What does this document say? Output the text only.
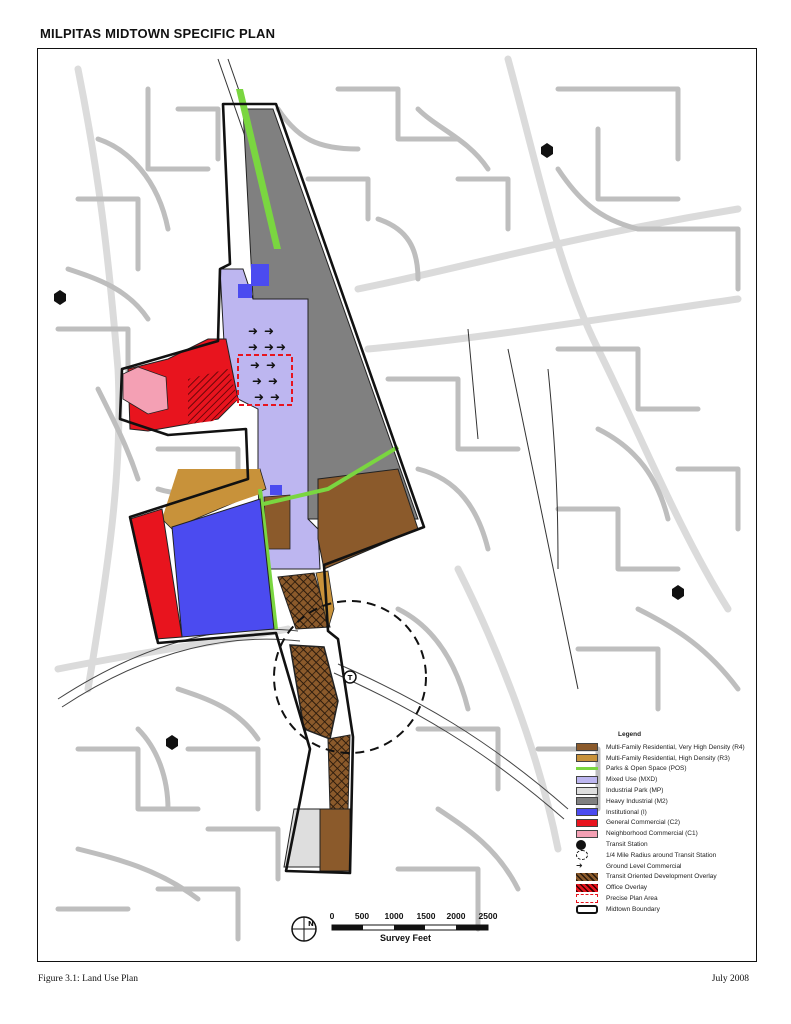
MILPITAS MIDTOWN SPECIFIC PLAN
➜ ➜
➜ ➜ ➜
➜ ➜
➜ ➜
➜ ➜
T
Legend
Multi-Family Residential, Very High Density (R4)
Multi-Family Residential, High Density (R3)
Parks & Open Space (POS)
Mixed Use (MXD)
Industrial Park (MP)
Heavy Industrial (M2)
Institutional (I)
General Commercial (C2)
Neighborhood Commercial (C1)
Transit Station
1/4 Mile Radius around Transit Station
➜	Ground Level Commercial
Transit Oriented Development Overlay
Office Overlay
Precise Plan Area
Midtown Boundary
N
0 500 1000 1500 2000 2500
Survey Feet
Figure 3.1: Land Use Plan	July 2008
